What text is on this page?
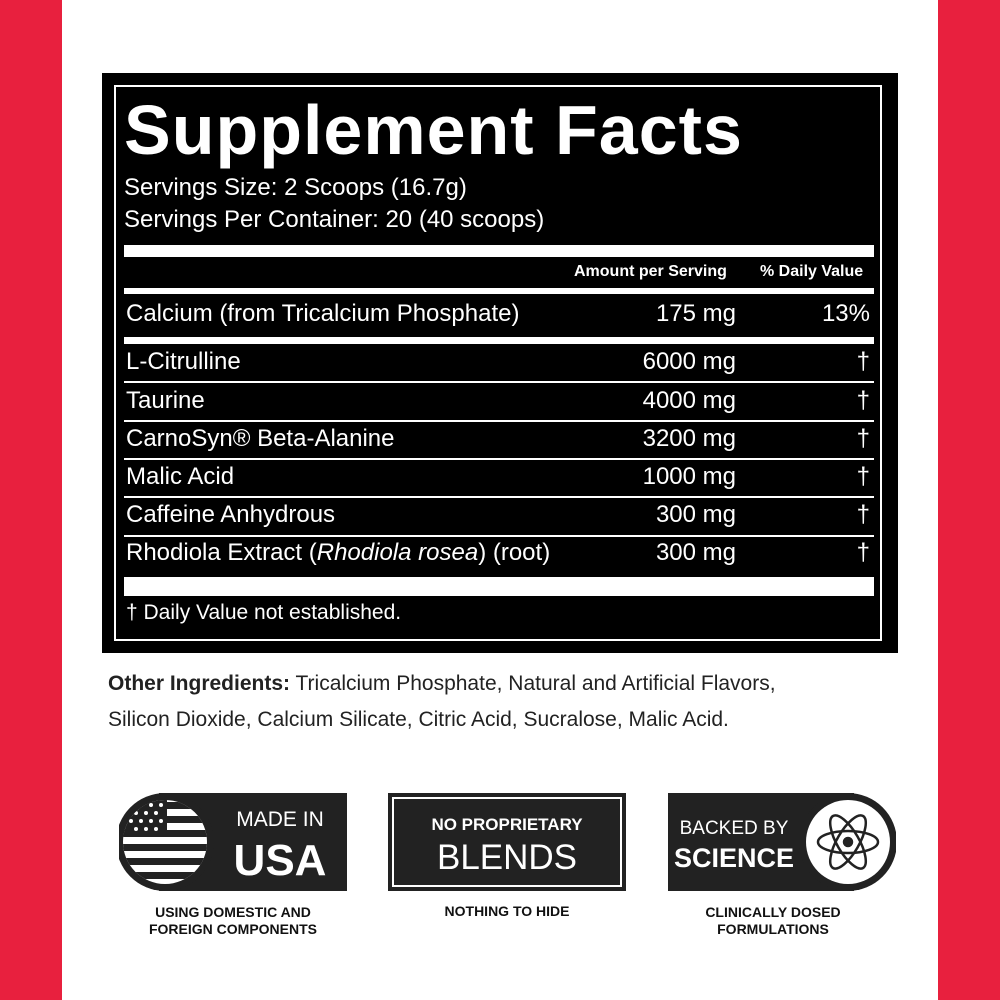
Supplement Facts
Servings Size: 2 Scoops (16.7g)
Servings Per Container: 20 (40 scoops)
Amount per Serving % Daily Value
Calcium (from Tricalcium Phosphate)	175 mg	13%
L-Citrulline	6000 mg	†
Taurine	4000 mg	†
CarnoSyn® Beta-Alanine	3200 mg	†
Malic Acid	1000 mg	†
Caffeine Anhydrous	300 mg	†
Rhodiola Extract (Rhodiola rosea) (root)	300 mg	†
† Daily Value not established.
Other Ingredients: Tricalcium Phosphate, Natural and Artificial Flavors,
Silicon Dioxide, Calcium Silicate, Citric Acid, Sucralose, Malic Acid.
MADE IN
USA
USING DOMESTIC AND
FOREIGN COMPONENTS
NO PROPRIETARY
BLENDS
NOTHING TO HIDE
BACKED BY
SCIENCE
CLINICALLY DOSED
FORMULATIONS
